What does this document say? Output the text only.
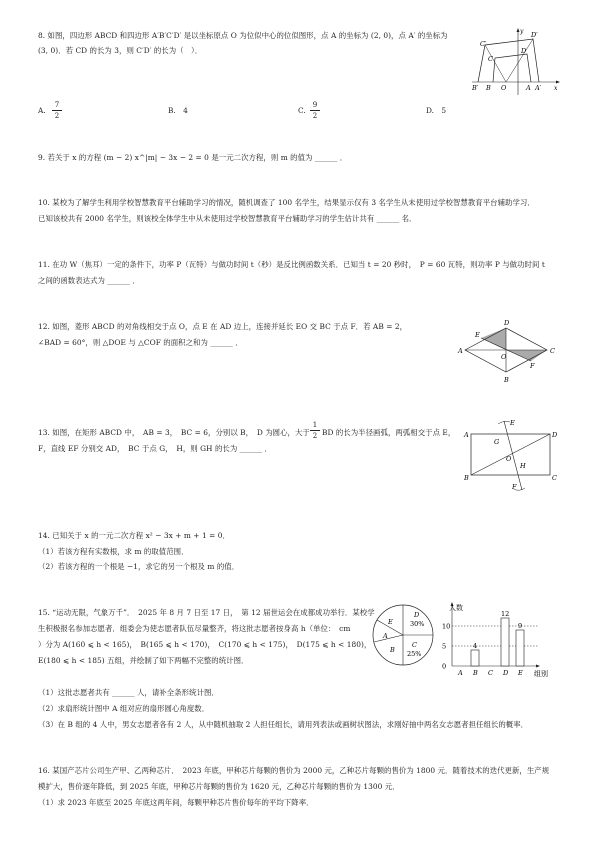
8. 如图，四边形 ABCD 和四边形 A′B′C′D′ 是以坐标原点 O 为位似中心的位似图形，点 A 的坐标为 (2, 0)，点 A′ 的坐标为
(3, 0)．若 CD 的长为 3，则 C′D′ 的长为（　）．
y
x
C′
D′
C
D
B′ B O	A A′
A.
7
2
B.　4	C.
9
2
D.　5
9. 若关于 x 的方程 (m − 2) x^|m| − 3x − 2 = 0 是一元二次方程，则 m 的值为 ______ ．
10. 某校为了解学生利用学校智慧教育平台辅助学习的情况，随机调查了 100 名学生，结果显示仅有 3 名学生从未使用过学校智慧教育平台辅助学习．
已知该校共有 2000 名学生，则该校全体学生中从未使用过学校智慧教育平台辅助学习的学生估计共有 ______ 名．
11. 在功 W（焦耳）一定的条件下，功率 P（瓦特）与做功时间 t（秒）是反比例函数关系．已知当 t = 20 秒时，　P = 60 瓦特，则功率 P 与做功时间 t
之间的函数表达式为 ______ ．
12. 如图，菱形 ABCD 的对角线相交于点 O，点 E 在 AD 边上，连接并延长 EO 交 BC 于点 F．若 AB = 2，
∠BAD = 60°，则 △DOE 与 △COF 的面积之和为 ______ ．
A
B
C
D
E
F
O
13. 如图，在矩形 ABCD 中，　AB = 3，　BC = 6，分别以 B，　D 为圆心，大于
1
2 BD 的长为半径画弧，两弧相交于点 E，
F，直线 EF 分别交 AD，　BC 于点 G，　H，则 GH 的长为 ______ ．
A
B	C
D
E
F
G
H
O
14. 已知关于 x 的一元二次方程 x² − 3x + m + 1 = 0．
（1）若该方程有实数根，求 m 的取值范围．
（2）若该方程的一个根是 −1，求它的另一个根及 m 的值．
15. “运动无限，气象万千”．　2025 年 8 月 7 日至 17 日，　第 12 届世运会在成都成功举行．某校学
生积极报名参加志愿者．组委会为使志愿者队伍尽量整齐，将这批志愿者按身高 h（单位：　cm
）分为 A(160 ⩽ h < 165)，　B(165 ⩽ h < 170)，　C(170 ⩽ h < 175)，　D(175 ⩽ h < 180)，
E(180 ⩽ h < 185) 五组，并绘制了如下两幅不完整的统计图．
D
30%
C
25%
E
A
B
人数
组别
0
5
10
A B
4
C D
12
E
9
（1）这批志愿者共有 ______ 人，请补全条形统计图．
（2）求扇形统计图中 A 组对应的扇形圆心角度数．
（3）在 B 组的 4 人中，男女志愿者各有 2 人，从中随机抽取 2 人担任组长，请用列表法或画树状图法，求刚好抽中两名女志愿者担任组长的概率．
16. 某国产芯片公司生产甲、乙两种芯片．　2023 年底，甲种芯片每颗的售价为 2000 元，乙种芯片每颗的售价为 1800 元．随着技术的迭代更新，生产规
模扩大，售价逐年降低，到 2025 年底，甲种芯片每颗的售价为 1620 元，乙种芯片每颗的售价为 1300 元．
（1）求 2023 年底至 2025 年底这两年间，每颗甲种芯片售价每年的平均下降率．
